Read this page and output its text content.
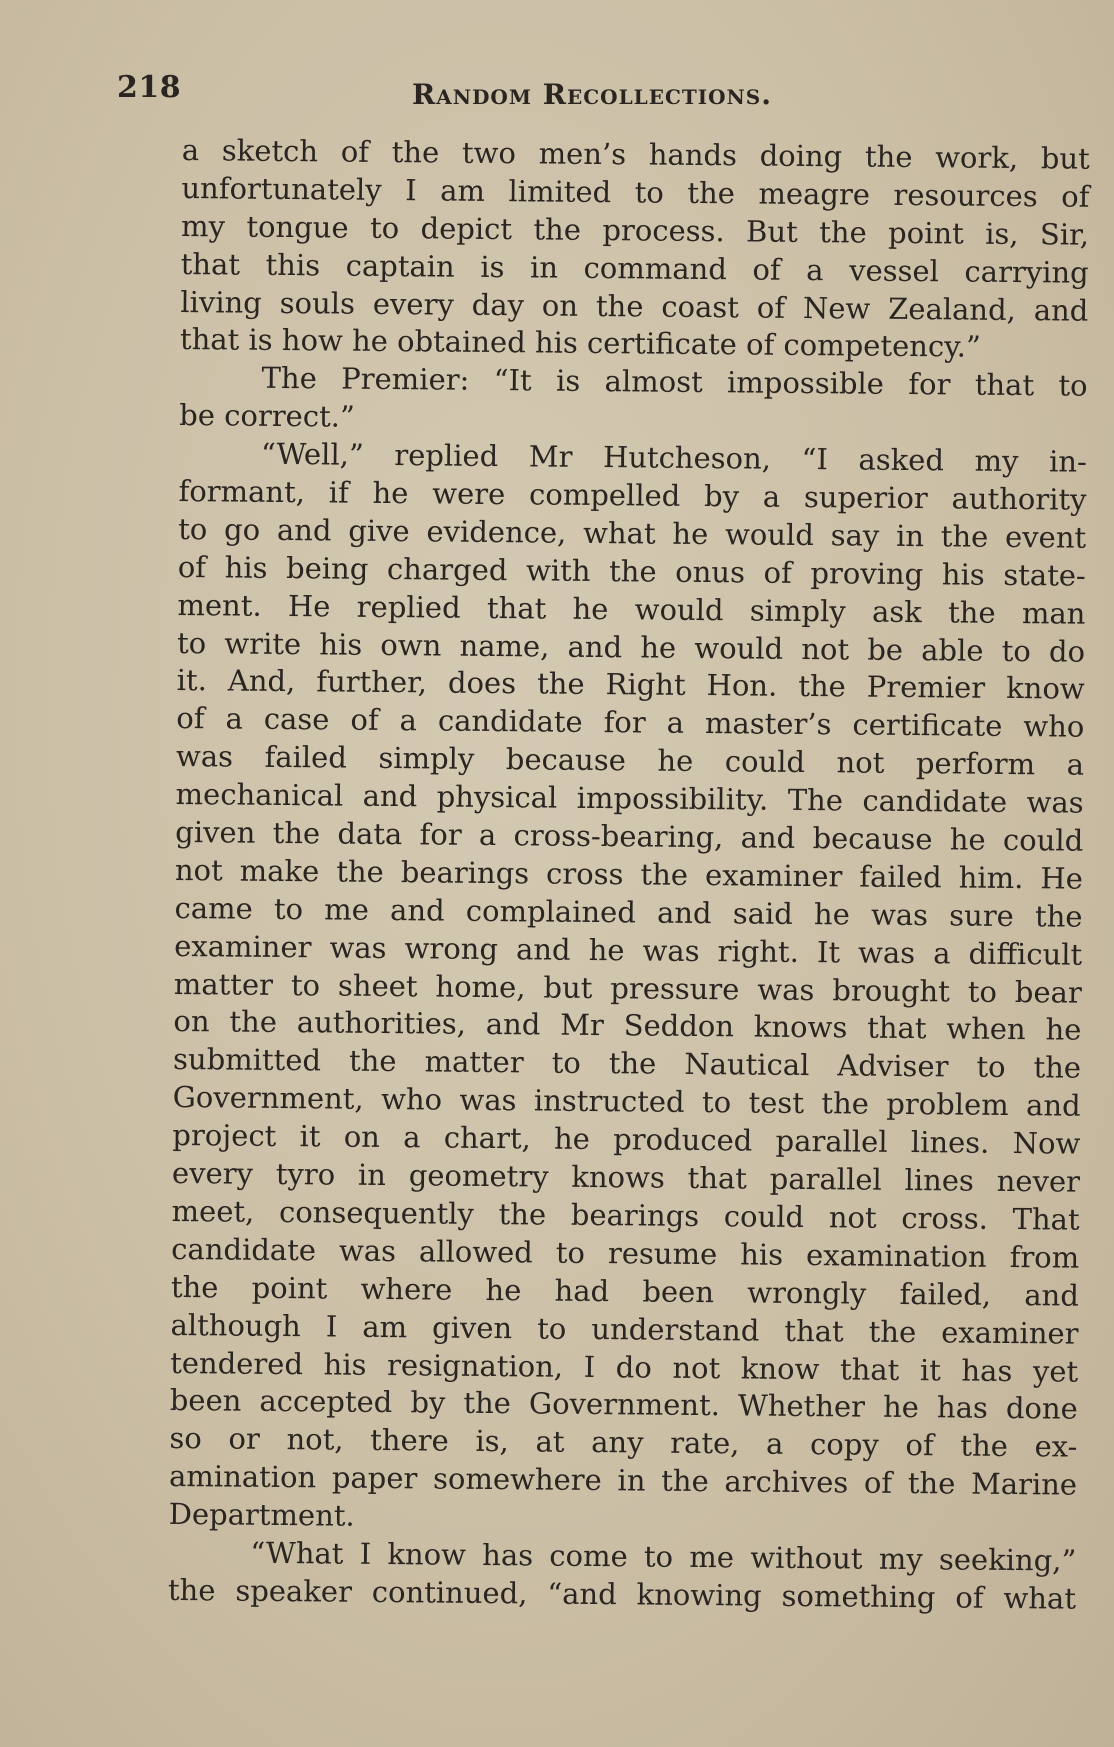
218	Random Recollections.
a sketch of the two men’s hands doing the work, but
unfortunately I am limited to the meagre resources of
my tongue to depict the process. But the point is, Sir,
that this captain is in command of a vessel carrying
living souls every day on the coast of New Zealand, and
that is how he obtained his certificate of competency.”
The Premier: “It is almost impossible for that to
be correct.”
“Well,” replied Mr Hutcheson, “I asked my in-
formant, if he were compelled by a superior authority
to go and give evidence, what he would say in the event
of his being charged with the onus of proving his state-
ment. He replied that he would simply ask the man
to write his own name, and he would not be able to do
it. And, further, does the Right Hon. the Premier know
of a case of a candidate for a master’s certificate who
was failed simply because he could not perform a
mechanical and physical impossibility. The candidate was
given the data for a cross-bearing, and because he could
not make the bearings cross the examiner failed him. He
came to me and complained and said he was sure the
examiner was wrong and he was right. It was a difficult
matter to sheet home, but pressure was brought to bear
on the authorities, and Mr Seddon knows that when he
submitted the matter to the Nautical Adviser to the
Government, who was instructed to test the problem and
project it on a chart, he produced parallel lines. Now
every tyro in geometry knows that parallel lines never
meet, consequently the bearings could not cross. That
candidate was allowed to resume his examination from
the point where he had been wrongly failed, and
although I am given to understand that the examiner
tendered his resignation, I do not know that it has yet
been accepted by the Government. Whether he has done
so or not, there is, at any rate, a copy of the ex-
amination paper somewhere in the archives of the Marine
Department.
“What I know has come to me without my seeking,”
the speaker continued, “and knowing something of what
